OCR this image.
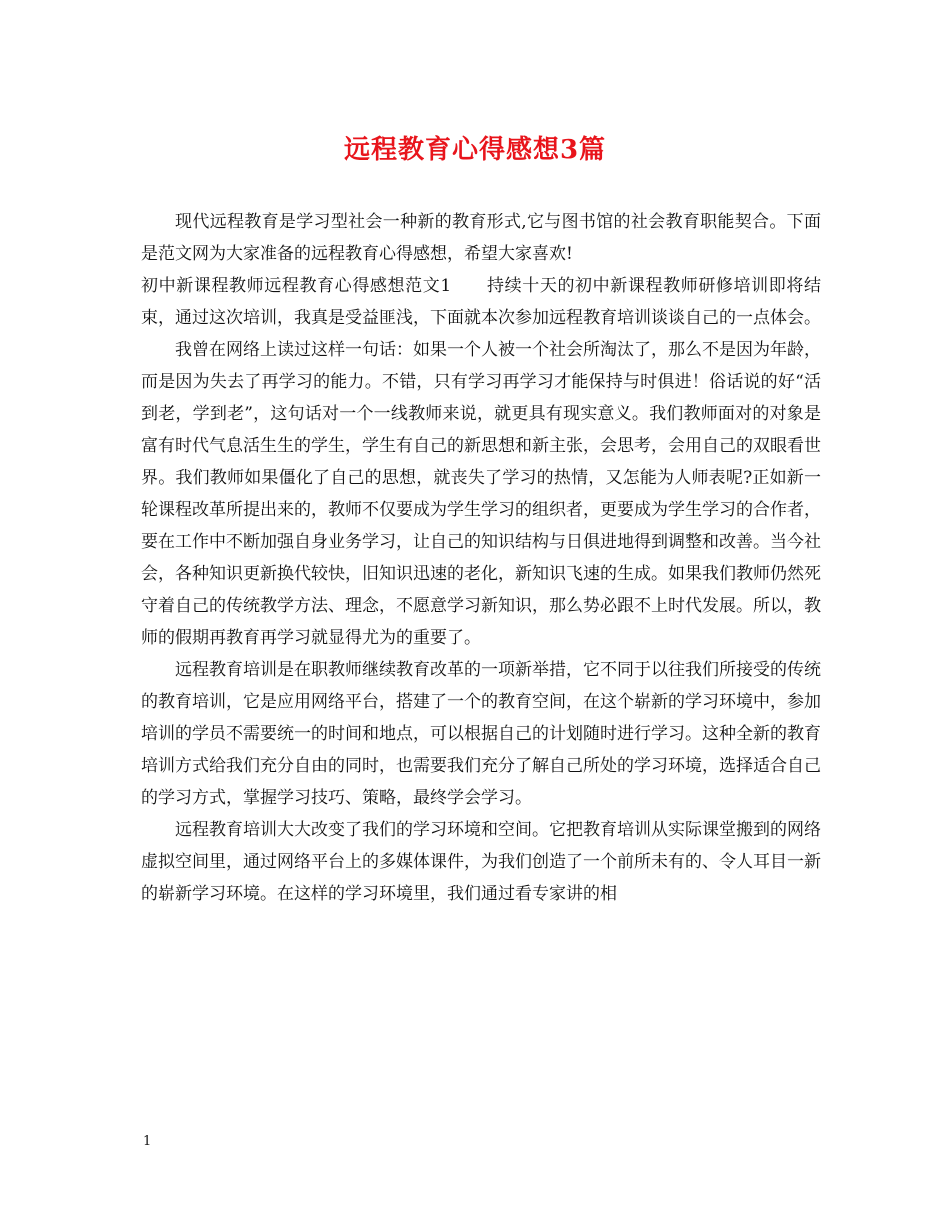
远程教育心得感想3篇

现代远程教育是学习型社会一种新的教育形式,它与图书馆的社会教育职能契合。下面是范文网为大家准备的远程教育心得感想，希望大家喜欢!

初中新课程教师远程教育心得感想范文1　　持续十天的初中新课程教师研修培训即将结束，通过这次培训，我真是受益匪浅，下面就本次参加远程教育培训谈谈自己的一点体会。

我曾在网络上读过这样一句话：如果一个人被一个社会所淘汰了，那么不是因为年龄，而是因为失去了再学习的能力。不错，只有学习再学习才能保持与时俱进！俗话说的好“活到老，学到老”，这句话对一个一线教师来说，就更具有现实意义。我们教师面对的对象是富有时代气息活生生的学生，学生有自己的新思想和新主张，会思考，会用自己的双眼看世界。我们教师如果僵化了自己的思想，就丧失了学习的热情，又怎能为人师表呢?正如新一轮课程改革所提出来的，教师不仅要成为学生学习的组织者，更要成为学生学习的合作者，要在工作中不断加强自身业务学习，让自己的知识结构与日俱进地得到调整和改善。当今社会，各种知识更新换代较快，旧知识迅速的老化，新知识飞速的生成。如果我们教师仍然死守着自己的传统教学方法、理念，不愿意学习新知识，那么势必跟不上时代发展。所以，教师的假期再教育再学习就显得尤为的重要了。

远程教育培训是在职教师继续教育改革的一项新举措，它不同于以往我们所接受的传统的教育培训，它是应用网络平台，搭建了一个的教育空间，在这个崭新的学习环境中，参加培训的学员不需要统一的时间和地点，可以根据自己的计划随时进行学习。这种全新的教育培训方式给我们充分自由的同时，也需要我们充分了解自己所处的学习环境，选择适合自己的学习方式，掌握学习技巧、策略，最终学会学习。

远程教育培训大大改变了我们的学习环境和空间。它把教育培训从实际课堂搬到的网络虚拟空间里，通过网络平台上的多媒体课件，为我们创造了一个前所未有的、令人耳目一新的崭新学习环境。在这样的学习环境里，我们通过看专家讲的相

1
